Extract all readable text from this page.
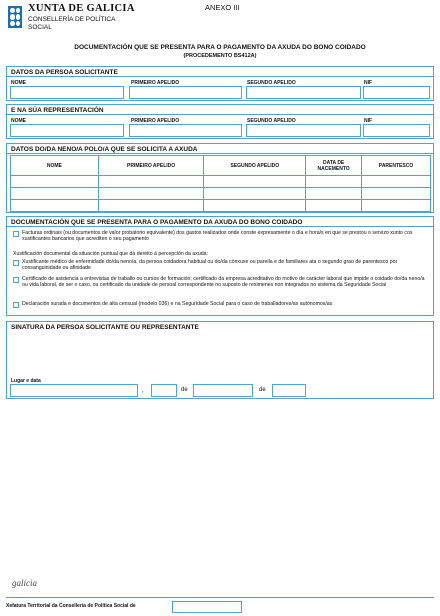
XUNTA DE GALICIA
CONSELLERÍA DE POLÍTICA SOCIAL
ANEXO III
DOCUMENTACIÓN QUE SE PRESENTA PARA O PAGAMENTO DA AXUDA DO BONO COIDADO
(PROCEDEMENTO BS412A)
DATOS DA PERSOA SOLICITANTE
NOME	PRIMEIRO APELIDO	SEGUNDO APELIDO	NIF
E NA SÚA REPRESENTACIÓN
NOME	PRIMEIRO APELIDO	SEGUNDO APELIDO	NIF
DATOS DO/DA NENO/A POLO/A QUE SE SOLICITA A AXUDA
NOME	PRIMEIRO APELIDO	SEGUNDO APELIDO	DATA DE NACEMENTO	PARENTESCO

DOCUMENTACIÓN QUE SE PRESENTA PARA O PAGAMENTO DA AXUDA DO BONO COIDADO
Facturas ordinais (ou documentos de valor probatorio equivalente) dos gastos realizados onde conste expresamente o día e hora/s en que se prestou o servizo xunto cos xustificantes bancarios que acrediten o seu pagamento
Xustificación documental da situación puntual que dá dereito á percepción da axuda:
Xustificante médico de enfermidade do/da neno/a, da persoa coidadora habitual ou do/da cónxuxe ou parella e de familiares ata o segundo grao de parentesco por consanguinidade ou afinidade
Certificado de asistencia a entrevistas de traballo ou cursos de formación; certificado da empresa acreditativo do motivo de carácter laboral que impide o coidado do/da neno/a ou vida laboral, de ser o caso, ou certificado da unidade de persoal correspondente no suposto de reximenes non integrados no sistema da Seguridade Social
Declaración xurada e documentos de alta censual (modelo 036) e na Seguridade Social para o caso de traballadores/as autónomos/as
SINATURA DA PERSOA SOLICITANTE OU REPRESENTANTE
Lugar e data
,	de	de
galicia
Xefatura Territorial da Consellería de Política Social de
